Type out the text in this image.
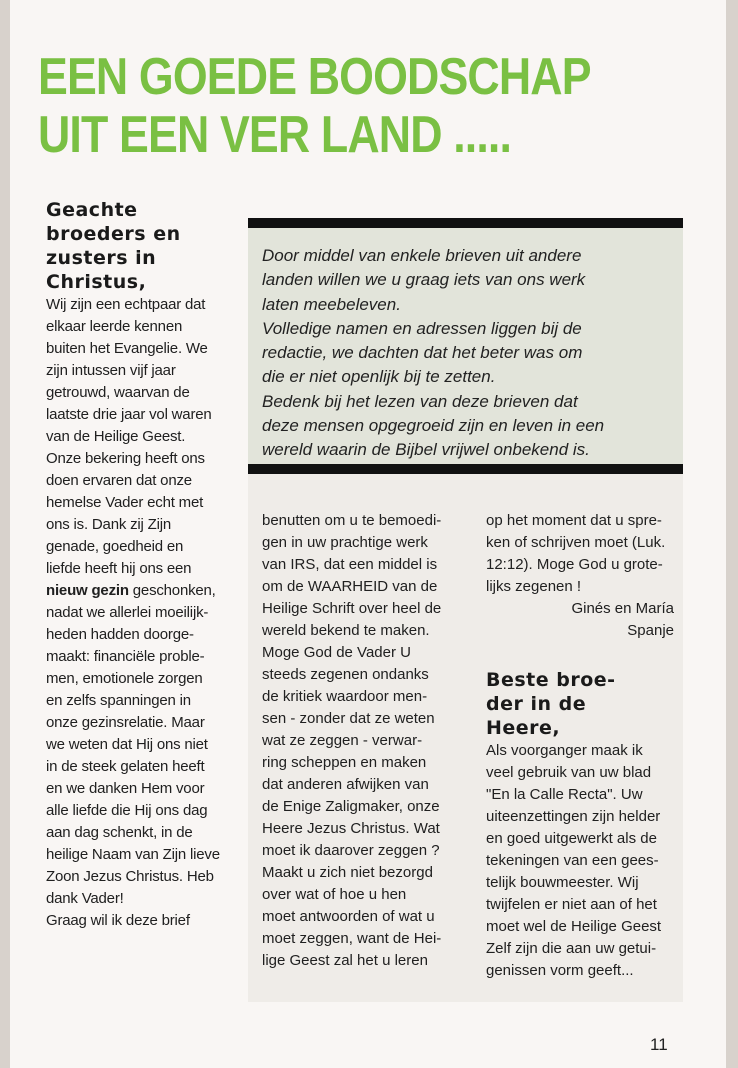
EEN GOEDE BOODSCHAP
UIT EEN VER LAND .....
Geachte
broeders en
zusters in
Christus,

Wij zijn een echtpaar dat

elkaar leerde kennen

buiten het Evangelie. We

zijn intussen vijf jaar

getrouwd, waarvan de

laatste drie jaar vol waren

van de Heilige Geest.

Onze bekering heeft ons

doen ervaren dat onze

hemelse Vader echt met

ons is. Dank zij Zijn

genade, goedheid en

liefde heeft hij ons een

nieuw gezin geschonken,

nadat we allerlei moeilijk-

heden hadden doorge-

maakt: financiële proble-

men, emotionele zorgen

en zelfs spanningen in

onze gezinsrelatie. Maar

we weten dat Hij ons niet

in de steek gelaten heeft

en we danken Hem voor

alle liefde die Hij ons dag

aan dag schenkt, in de

heilige Naam van Zijn lieve

Zoon Jezus Christus. Heb

dank Vader!

Graag wil ik deze brief

Door middel van enkele brieven uit andere
landen willen we u graag iets van ons werk
laten meebeleven.
Volledige namen en adressen liggen bij de
redactie, we dachten dat het beter was om
die er niet openlijk bij te zetten.
Bedenk bij het lezen van deze brieven dat
deze mensen opgegroeid zijn en leven in een
wereld waarin de Bijbel vrijwel onbekend is.

benutten om u te bemoedi-

gen in uw prachtige werk

van IRS, dat een middel is

om de WAARHEID van de

Heilige Schrift over heel de

wereld bekend te maken.

Moge God de Vader U

steeds zegenen ondanks

de kritiek waardoor men-

sen - zonder dat ze weten

wat ze zeggen - verwar-

ring scheppen en maken

dat anderen afwijken van

de Enige Zaligmaker, onze

Heere Jezus Christus. Wat

moet ik daarover zeggen ?

Maakt u zich niet bezorgd

over wat of hoe u hen

moet antwoorden of wat u

moet zeggen, want de Hei-

lige Geest zal het u leren

op het moment dat u spre-

ken of schrijven moet (Luk.

12:12). Moge God u grote-

lijks zegenen !

Ginés en María

Spanje

Beste broe-
der in de
Heere,

Als voorganger maak ik

veel gebruik van uw blad

"En la Calle Recta". Uw

uiteenzettingen zijn helder

en goed uitgewerkt als de

tekeningen van een gees-

telijk bouwmeester. Wij

twijfelen er niet aan of het

moet wel de Heilige Geest

Zelf zijn die aan uw getui-

genissen vorm geeft...

11
